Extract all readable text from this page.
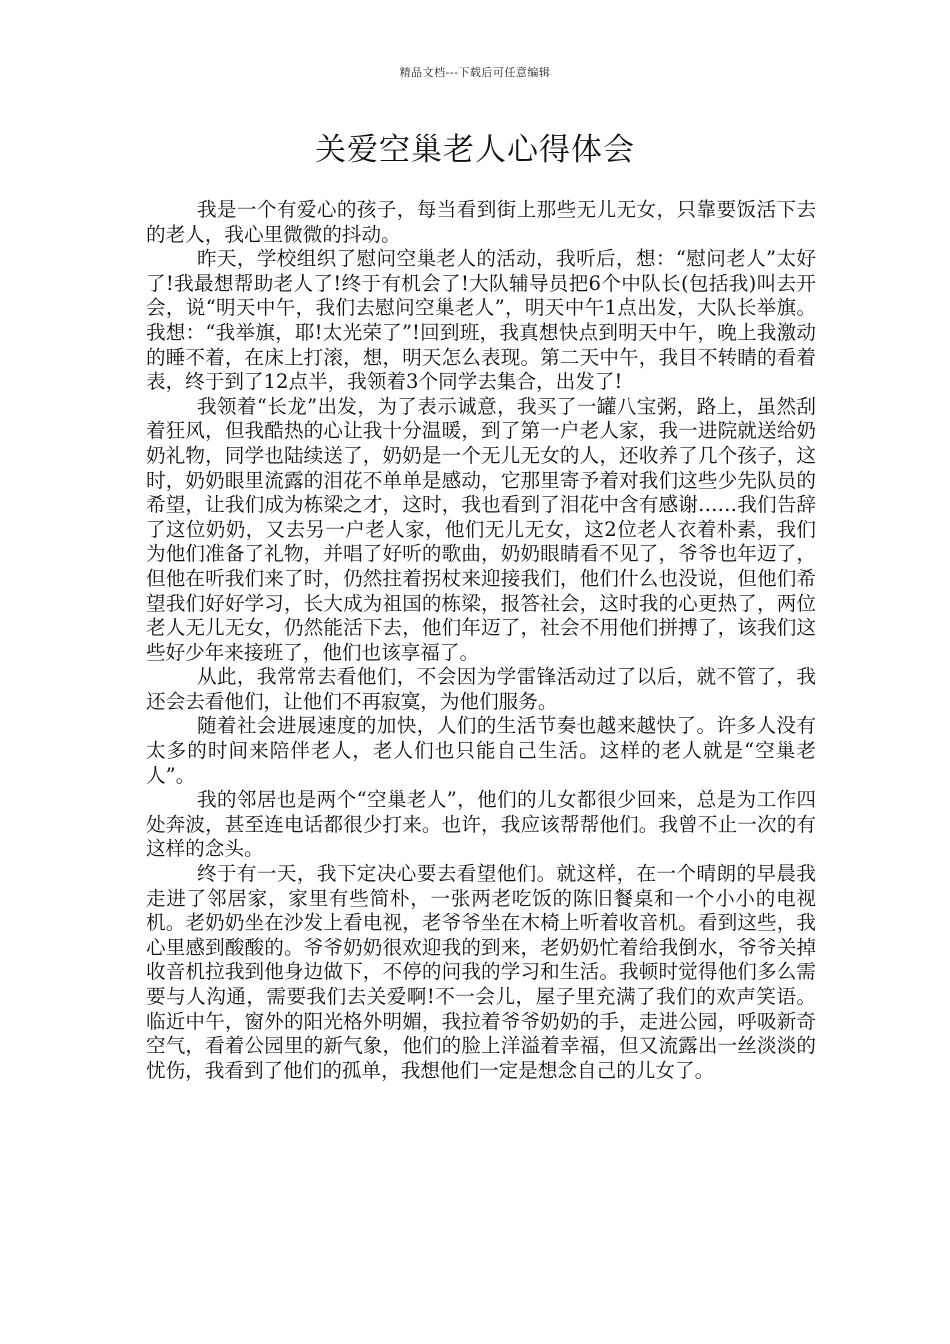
精品文档---下载后可任意编辑
关爱空巢老人心得体会

我是一个有爱心的孩子，每当看到街上那些无儿无女，只靠要饭活下去的老人，我心里微微的抖动。

昨天，学校组织了慰问空巢老人的活动，我听后，想：“慰问老人”太好了!我最想帮助老人了!终于有机会了!大队辅导员把6个中队长(包括我)叫去开会，说“明天中午，我们去慰问空巢老人”，明天中午1点出发，大队长举旗。我想：“我举旗，耶!太光荣了”!回到班，我真想快点到明天中午，晚上我激动的睡不着，在床上打滚，想，明天怎么表现。第二天中午，我目不转睛的看着表，终于到了12点半，我领着3个同学去集合，出发了!

我领着“长龙”出发，为了表示诚意，我买了一罐八宝粥，路上，虽然刮着狂风，但我酷热的心让我十分温暖，到了第一户老人家，我一进院就送给奶奶礼物，同学也陆续送了，奶奶是一个无儿无女的人，还收养了几个孩子，这时，奶奶眼里流露的泪花不单单是感动，它那里寄予着对我们这些少先队员的希望，让我们成为栋梁之才，这时，我也看到了泪花中含有感谢……我们告辞了这位奶奶，又去另一户老人家，他们无儿无女，这2位老人衣着朴素，我们为他们准备了礼物，并唱了好听的歌曲，奶奶眼睛看不见了，爷爷也年迈了，但他在听我们来了时，仍然拄着拐杖来迎接我们，他们什么也没说，但他们希望我们好好学习，长大成为祖国的栋梁，报答社会，这时我的心更热了，两位老人无儿无女，仍然能活下去，他们年迈了，社会不用他们拼搏了，该我们这些好少年来接班了，他们也该享福了。

从此，我常常去看他们，不会因为学雷锋活动过了以后，就不管了，我还会去看他们，让他们不再寂寞，为他们服务。

随着社会进展速度的加快，人们的生活节奏也越来越快了。许多人没有太多的时间来陪伴老人，老人们也只能自己生活。这样的老人就是“空巢老人”。

我的邻居也是两个“空巢老人”，他们的儿女都很少回来，总是为工作四处奔波，甚至连电话都很少打来。也许，我应该帮帮他们。我曾不止一次的有这样的念头。

终于有一天，我下定决心要去看望他们。就这样，在一个晴朗的早晨我走进了邻居家，家里有些简朴，一张两老吃饭的陈旧餐桌和一个小小的电视机。老奶奶坐在沙发上看电视，老爷爷坐在木椅上听着收音机。看到这些，我心里感到酸酸的。爷爷奶奶很欢迎我的到来，老奶奶忙着给我倒水，爷爷关掉收音机拉我到他身边做下，不停的问我的学习和生活。我顿时觉得他们多么需要与人沟通，需要我们去关爱啊!不一会儿，屋子里充满了我们的欢声笑语。临近中午，窗外的阳光格外明媚，我拉着爷爷奶奶的手，走进公园，呼吸新奇空气，看着公园里的新气象，他们的脸上洋溢着幸福，但又流露出一丝淡淡的忧伤，我看到了他们的孤单，我想他们一定是想念自己的儿女了。
